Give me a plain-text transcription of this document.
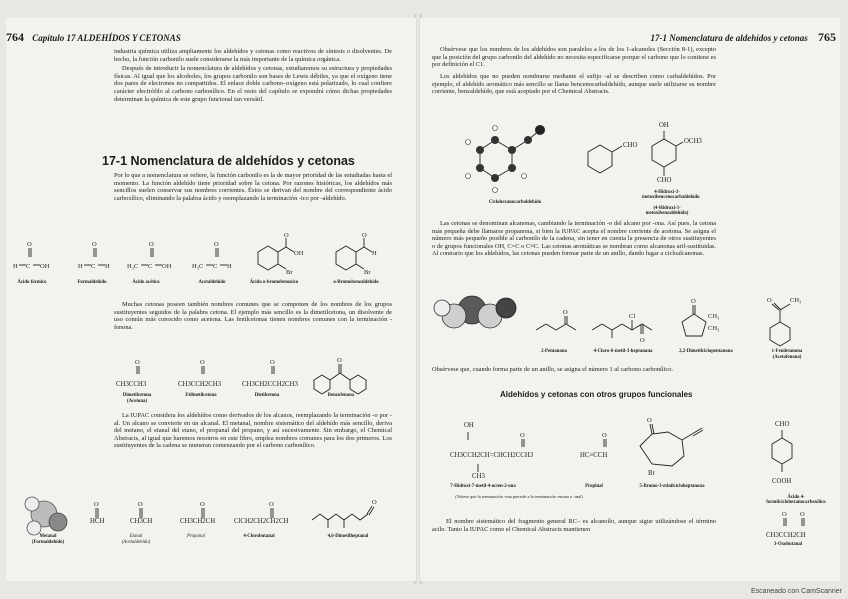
764 Capítulo 17 ALDEHÍDOS Y CETONAS

industria química utiliza ampliamente los aldehídos y cetonas como reactivos de síntesis o disolventes. De hecho, la función carbonilo suele considerarse la más importante de la química orgánica.

Después de introducir la nomenclatura de aldehídos y cetonas, estudiaremos su estructura y propiedades físicas. Al igual que los alcoholes, los grupos carbonilo son bases de Lewis débiles, ya que el oxígeno tiene dos pares de electrones no compartidos. El enlace doble carbono–oxígeno está polarizado, lo cual confiere carácter electrófilo al carbono carbonílico. En el resto del capítulo se expondrá cómo dichas propiedades determinan la química de este grupo funcional tan versátil.

17-1 Nomenclatura de aldehídos y cetonas
Por lo que a nomenclatura se refiere, la función carbonilo es la de mayor prioridad de las estudiadas hasta el momento. La función aldehído tiene prioridad sobre la cetona. Por razones históricas, los aldehídos más sencillos suelen conservar sus nombres corrientes. Éstos se derivan del nombre del correspondiente ácido carboxílico, eliminando la palabra ácido y reemplazando la terminación -ico por -aldehído.
H C
O
OH	H C
O
H	H₃C C
O
OH	H₃C C
O
H
O
OH
Br
O
H
Br
Ácido fórmico	Formaldehído	Ácido acético	Acetaldehído	Ácido o-bromobenzoico	o-Bromobenzaldehído
Muchas cetonas poseen también nombres comunes que se componen de los nombres de los grupos sustituyentes seguidos de la palabra cetona. El ejemplo más sencillo es la dimetilcetona, un disolvente de uso común más conocido como acetona. Las fenilcetonas tienen nombres comunes con la terminación -fenona.
O	O	O	O
CH3CCH3	CH3CCH2CH3	CH3CH2CCH2CH3
Dimetilcetona
(Acetona)
Etilmetilcetona	Dietilcetona	Benzofenona
La IUPAC considera los aldehídos como derivados de los alcanos, reemplazando la terminación -o por -al. Un alcano se convierte en un alcanal. El metanal, nombre sistemático del aldehído más sencillo, deriva del metano, el etanal del etano, el propanal del propano, y así sucesivamente. Sin embargo, el Chemical Abstracts, al igual que haremos nosotros en este libro, emplea nombres comunes para los dos primeros. Los sustituyentes de la cadena se numeran comenzando por el carbono carbonílico.
O	O	O	O	O
HCH	CH3CH	CH3CH2CH	ClCH2CH2CH2CH
Metanal
(Formaldehído)
Etanal
(Acetaldehído)
Propanal	4-Clorobutanal	4,6-Dimetilheptanal
17-1 Nomenclatura de aldehídos y cetonas 765
Obsérvese que los nombres de los aldehídos son paralelos a los de los 1-alcanoles (Sección 8-1), excepto que la posición del grupo carbonilo del aldehído no necesita especificarse porque el carbono que lo contiene es por definición el C1.
Los aldehídos que no pueden nombrarse mediante el sufijo -al se describen como carbaldehídos. Por ejemplo, el aldehído aromático más sencillo se llama bencenocarbaldehído, aunque suele utilizarse su nombre corriente, benzaldehído, que está aceptado por el Chemical Abstracts.
CHO
OH
OCH3
CHO
Ciclohexanocarbaldehído
4-Hidroxi-3-metoxibencenocarbaldehído
(4-Hidroxi-3-metoxibenzaldehído)
Las cetonas se denominan alcanonas, cambiando la terminación -o del alcano por -ona. Así pues, la cetona más pequeña debe llamarse propanona, si bien la IUPAC acepta el nombre corriente de acetona. Se asigna el número más pequeño posible al carbonilo de la cadena, sin tener en cuenta la presencia de otros sustituyentes o de grupos funcionales OH, C=C o C≡C. Las cetonas aromáticas se nombran como alcanonas aril-sustituidas. Al contrario que los aldehídos, las cetonas pueden formar parte de un anillo, dando lugar a cicloalcanonas.
O
O
Cl
O
CH₃
CH₃
O	CH₃
2-Pentanona	4-Cloro-6-metil-3-heptanona	2,2-Dimetilciclopentanona	1-Feniletanona
(Acetofenona)
Obsérvese que, cuando forma parte de un anillo, se asigna el número 1 al carbono carbonílico.
Aldehídos y cetonas con otros grupos funcionales
O	O
O
O O
OH
CH3CCH2CH=CHCH2CCH3
CH3
HC≡CCH
Br
CHO
COOH
7-Hidroxi-7-metil-4-octen-2-ona	Propinal	5-Bromo-3-etinilcicloheptanona
Ácido 4-formilciclohexanocarboxílico
(Nótese que la terminación -ona precede a la terminación -enona o -inal)
CH3CCH2CH
3-Oxobutanal
El nombre sistemático del fragmento general RC– es alcanoílo, aunque sigue utilizándose el término acilo. Tanto la IUPAC como el Chemical Abstracts mantienen
Escaneado con CamScanner
